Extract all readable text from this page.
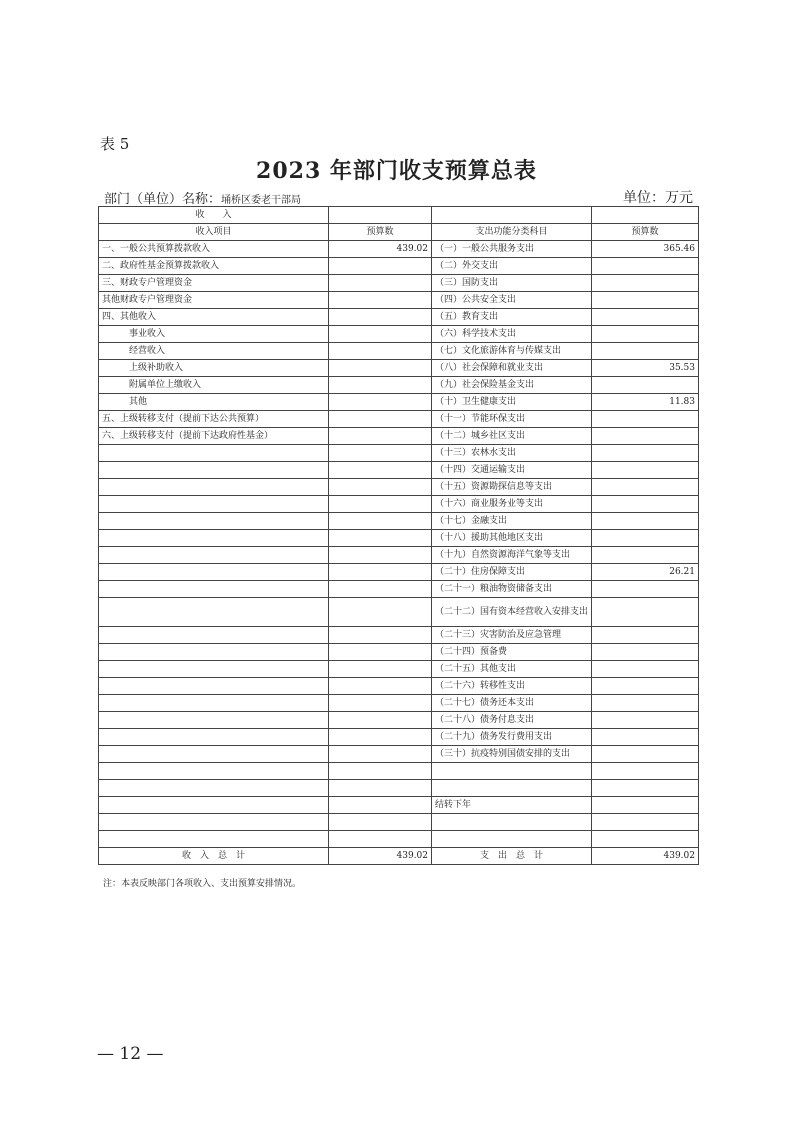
表 5
2023 年部门收支预算总表
部门（单位）名称：埇桥区委老干部局	单位：万元
收　　入			
收入项目	预算数	支出功能分类科目	预算数
一、一般公共预算拨款收入	439.02	（一）一般公共服务支出	365.46
二、政府性基金预算拨款收入		（二）外交支出	
三、财政专户管理资金		（三）国防支出	
其他财政专户管理资金		（四）公共安全支出	
四、其他收入		（五）教育支出	
事业收入		（六）科学技术支出	
经营收入		（七）文化旅游体育与传媒支出	
上级补助收入		（八）社会保障和就业支出	35.53
附属单位上缴收入		（九）社会保险基金支出	
其他		（十）卫生健康支出	11.83
五、上级转移支付（提前下达公共预算）		（十一）节能环保支出	
六、上级转移支付（提前下达政府性基金）		（十二）城乡社区支出	
		（十三）农林水支出	
		（十四）交通运输支出	
		（十五）资源勘探信息等支出	
		（十六）商业服务业等支出	
		（十七）金融支出	
		（十八）援助其他地区支出	
		（十九）自然资源海洋气象等支出	
		（二十）住房保障支出	26.21
		（二十一）粮油物资储备支出	
		（二十二）国有资本经营收入安排支出	
		（二十三）灾害防治及应急管理	
		（二十四）预备费	
		（二十五）其他支出	
		（二十六）转移性支出	
		（二十七）债务还本支出	
		（二十八）债务付息支出	
		（二十九）债务发行费用支出	
		（三十）抗疫特别国债安排的支出	

		结转下年	

收　入　总　计	439.02	支　出　总　计	439.02
注：本表反映部门各项收入、支出预算安排情况。
— 12 —
